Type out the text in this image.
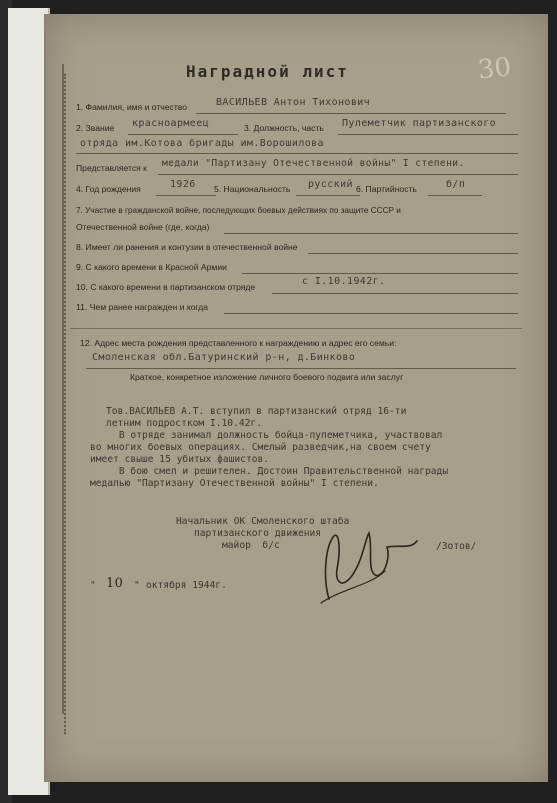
30
Наградной лист
1. Фамилия, имя и отчество	ВАСИЛЬЕВ Антон Тихонович
2. Звание красноармеец	3. Должность, часть Пулеметчик партизанского
отряда им.Котова бригады им.Ворошилова
Представляется к медали "Партизану Отечественной войны" I степени.
4. Год рождения	1926 5. Национальность русский 6. Партийность	б/п
7. Участие в гражданской войне, последующих боевых действиях по защите СССР и
Отечественной войне (где, когда)
8. Имеет ли ранения и контузии в отечественной войне
9. С какого времени в Красной Армии
10. С какого времени в партизанском отряде	с I.10.1942г.
11. Чем ранее награжден и когда
12. Адрес места рождения представленного к награждению и адрес его семьи:
Смоленская обл.Батуринский р-н, д.Бинково
Краткое, конкретное изложение личного боевого подвига или заслуг
Тов.ВАСИЛЬЕВ А.Т. вступил в партизанский отряд 16-ти
летним подростком I.10.42г.
В отряде занимал должность бойца-пулеметчика, участвовал
во многих боевых операциях. Смелый разведчик,на своем счету
имеет свыше 15 убитых фашистов.
В бою смел и решителен. Достоин Правительственной награды
медалью "Партизану Отечественной войны" I степени.
Начальник ОК Смоленского штаба
партизанского движения
майор  б/с	/Зотов/
" 10 " октября 1944г.
